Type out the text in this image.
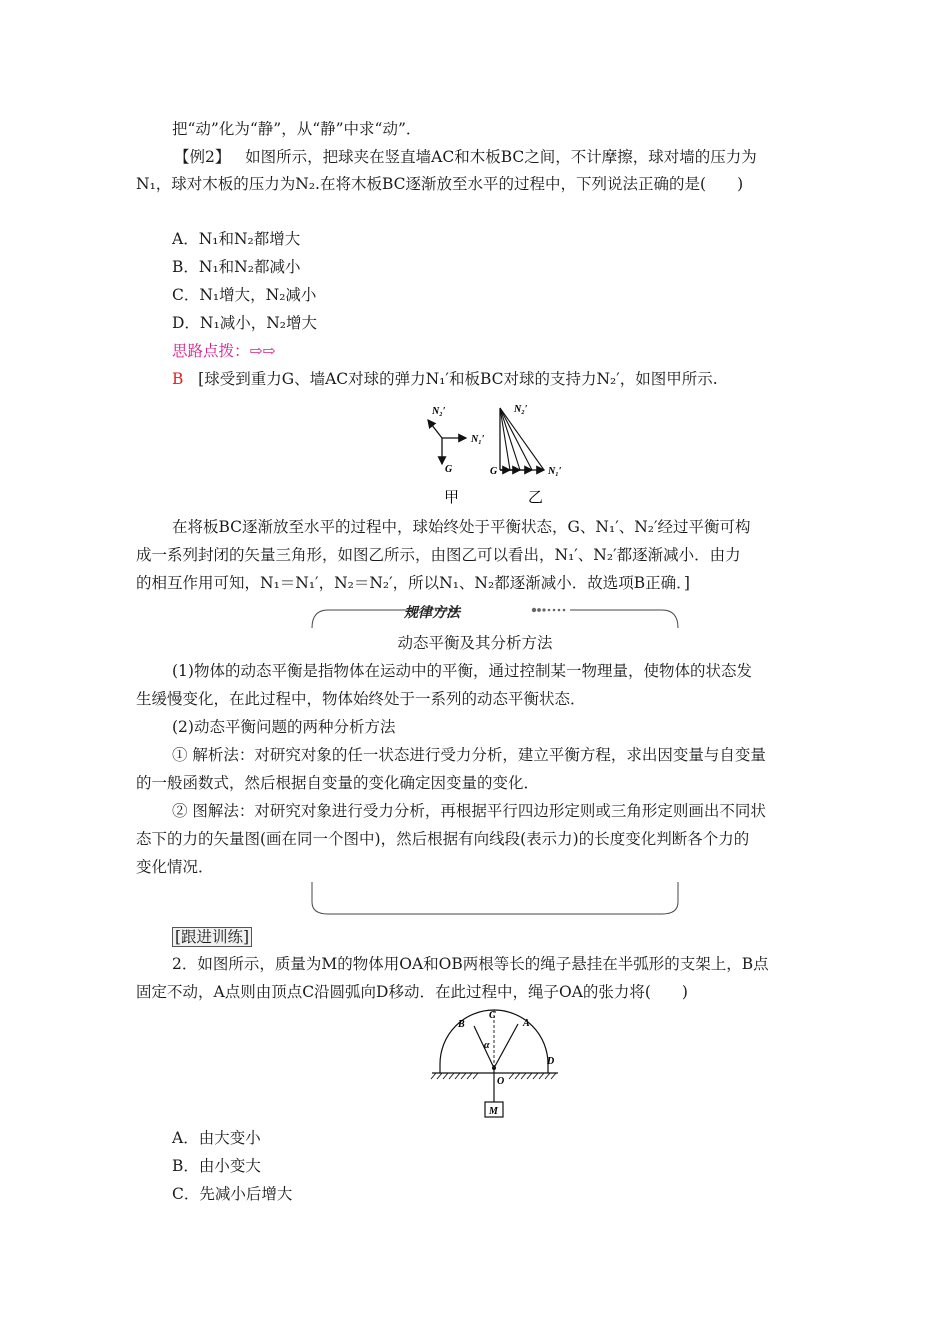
把“动”化为“静”，从“静”中求“动”．
【例2】 如图所示，把球夹在竖直墙AC和木板BC之间，不计摩擦，球对墙的压力为
N₁，球对木板的压力为N₂.在将木板BC逐渐放至水平的过程中，下列说法正确的是(　　)
A．N₁和N₂都增大
B．N₁和N₂都减小
C．N₁增大，N₂减小
D．N₁减小，N₂增大
思路点拨：⇨⇨
B [球受到重力G、墙AC对球的弹力N₁′和板BC对球的支持力N₂′，如图甲所示.
N₂′
N₁′
G
N₂′
G	N₁′
甲	乙
在将板BC逐渐放至水平的过程中，球始终处于平衡状态，G、N₁′、N₂′经过平衡可构
成一系列封闭的矢量三角形，如图乙所示，由图乙可以看出，N₁′、N₂′都逐渐减小．由力
的相互作用可知，N₁＝N₁′，N₂＝N₂′，所以N₁、N₂都逐渐减小．故选项B正确．]
规律方法
动态平衡及其分析方法
(1)物体的动态平衡是指物体在运动中的平衡，通过控制某一物理量，使物体的状态发
生缓慢变化，在此过程中，物体始终处于一系列的动态平衡状态．
(2)动态平衡问题的两种分析方法
① 解析法：对研究对象的任一状态进行受力分析，建立平衡方程，求出因变量与自变量
的一般函数式，然后根据自变量的变化确定因变量的变化．
② 图解法：对研究对象进行受力分析，再根据平行四边形定则或三角形定则画出不同状
态下的力的矢量图(画在同一个图中)，然后根据有向线段(表示力)的长度变化判断各个力的
变化情况．
[跟进训练]
2．如图所示，质量为M的物体用OA和OB两根等长的绳子悬挂在半弧形的支架上，B点
固定不动，A点则由顶点C沿圆弧向D移动．在此过程中，绳子OA的张力将(　　)
B
C
A
D
O
α
M
A．由大变小
B．由小变大
C．先减小后增大
